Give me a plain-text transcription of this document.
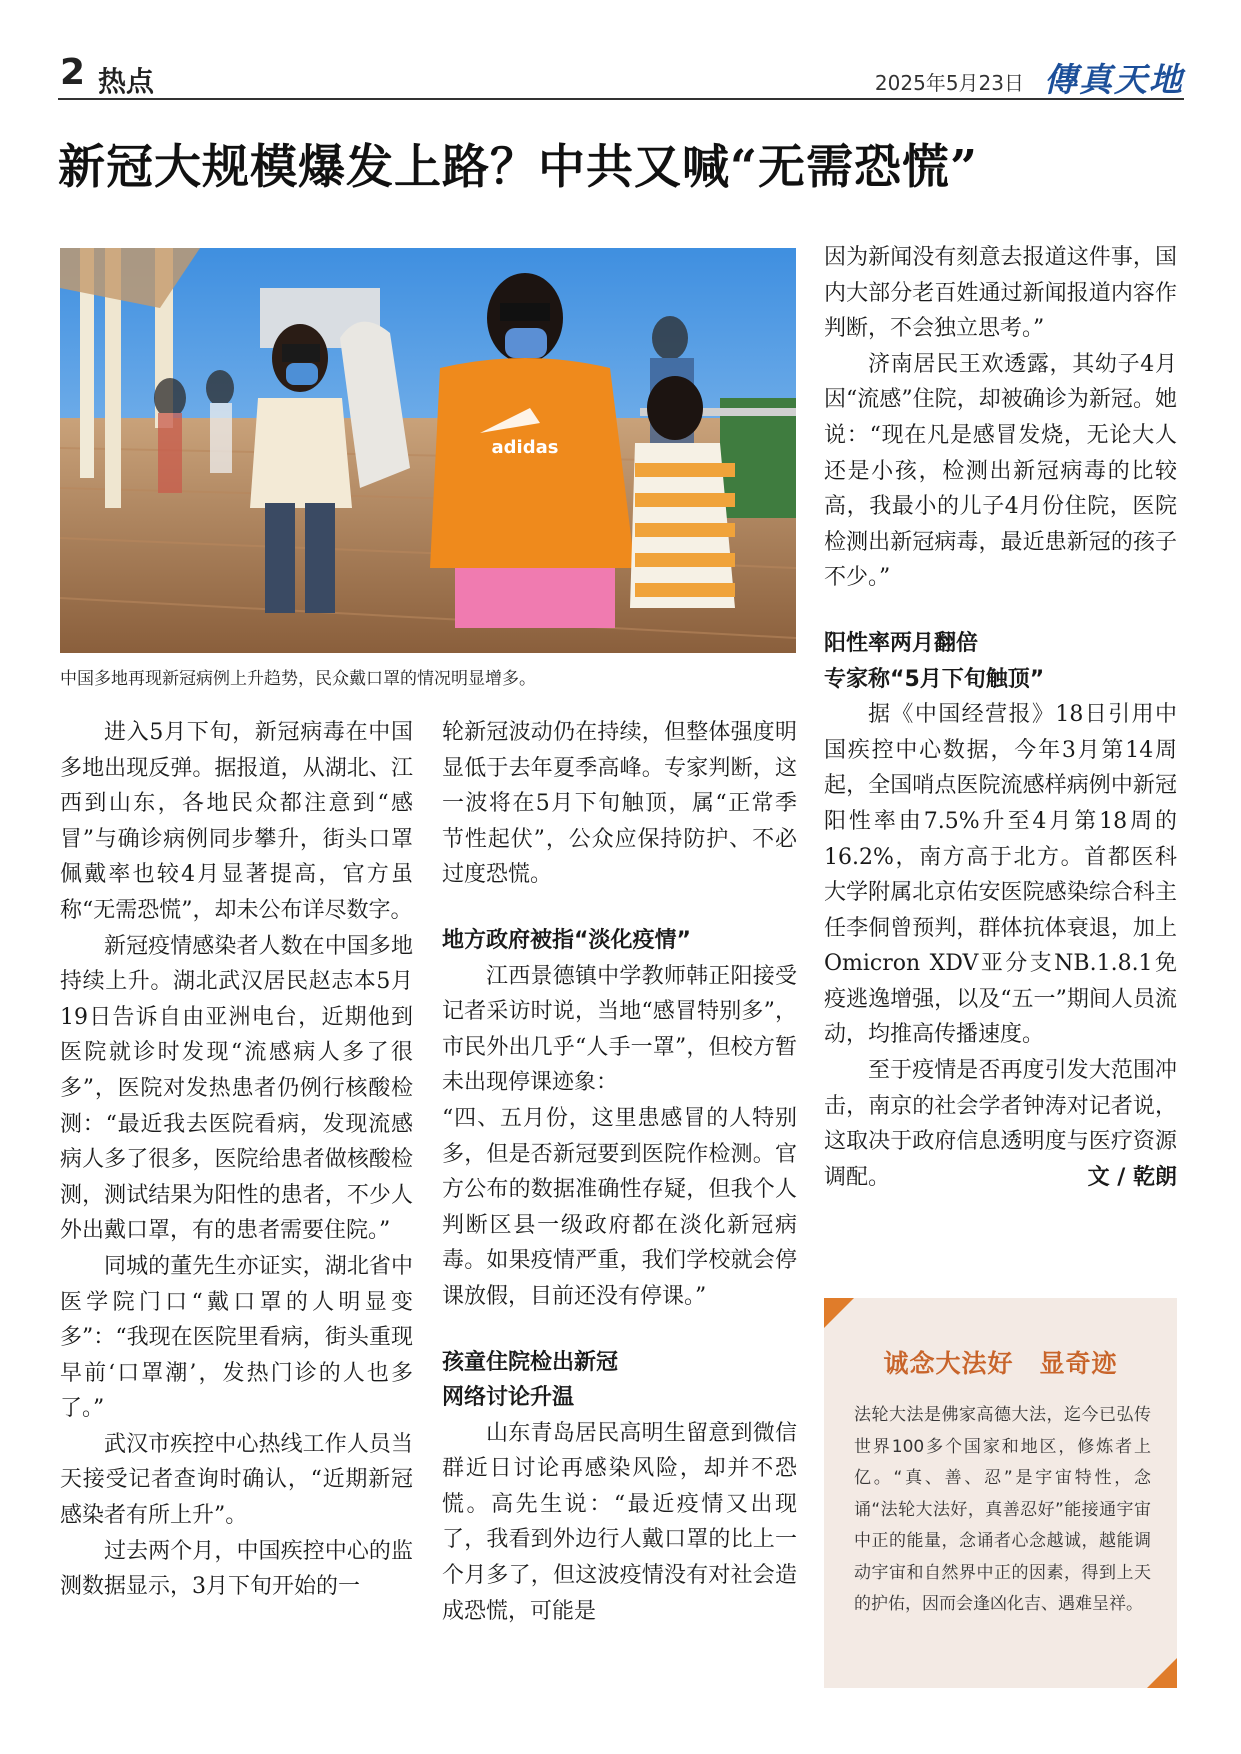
2 热点	2025年5月23日 傳真天地
新冠大规模爆发上路？中共又喊“无需恐慌”
adidas
中国多地再现新冠病例上升趋势，民众戴口罩的情况明显增多。

进入5月下旬，新冠病毒在中国多地出现反弹。据报道，从湖北、江西到山东，各地民众都注意到“感冒”与确诊病例同步攀升，街头口罩佩戴率也较4月显著提高，官方虽称“无需恐慌”，却未公布详尽数字。

新冠疫情感染者人数在中国多地持续上升。湖北武汉居民赵志本5月19日告诉自由亚洲电台，近期他到医院就诊时发现“流感病人多了很多”，医院对发热患者仍例行核酸检测：“最近我去医院看病，发现流感病人多了很多，医院给患者做核酸检测，测试结果为阳性的患者，不少人外出戴口罩，有的患者需要住院。”

同城的董先生亦证实，湖北省中医学院门口“戴口罩的人明显变多”：“我现在医院里看病，街头重现早前‘口罩潮’，发热门诊的人也多了。”

武汉市疾控中心热线工作人员当天接受记者查询时确认，“近期新冠感染者有所上升”。

过去两个月，中国疾控中心的监测数据显示，3月下旬开始的一

轮新冠波动仍在持续，但整体强度明显低于去年夏季高峰。专家判断，这一波将在5月下旬触顶，属“正常季节性起伏”，公众应保持防护、不必过度恐慌。

地方政府被指“淡化疫情”

江西景德镇中学教师韩正阳接受记者采访时说，当地“感冒特别多”，市民外出几乎“人手一罩”，但校方暂未出现停课迹象：

“四、五月份，这里患感冒的人特别多，但是否新冠要到医院作检测。官方公布的数据准确性存疑，但我个人判断区县一级政府都在淡化新冠病毒。如果疫情严重，我们学校就会停课放假，目前还没有停课。”

孩童住院检出新冠
网络讨论升温

山东青岛居民高明生留意到微信群近日讨论再感染风险，却并不恐慌。高先生说：“最近疫情又出现了，我看到外边行人戴口罩的比上一个月多了，但这波疫情没有对社会造成恐慌，可能是

因为新闻没有刻意去报道这件事，国内大部分老百姓通过新闻报道内容作判断，不会独立思考。”

济南居民王欢透露，其幼子4月因“流感”住院，却被确诊为新冠。她说：“现在凡是感冒发烧，无论大人还是小孩，检测出新冠病毒的比较高，我最小的儿子4月份住院，医院检测出新冠病毒，最近患新冠的孩子不少。”

阳性率两月翻倍
专家称“5月下旬触顶”

据《中国经营报》18日引用中国疾控中心数据，今年3月第14周起，全国哨点医院流感样病例中新冠阳性率由7.5%升至4月第18周的16.2%，南方高于北方。首都医科大学附属北京佑安医院感染综合科主任李侗曾预判，群体抗体衰退，加上Omicron XDV亚分支NB.1.8.1免疫逃逸增强，以及“五一”期间人员流动，均推高传播速度。

至于疫情是否再度引发大范围冲击，南京的社会学者钟涛对记者说，这取决于政府信息透明度与医疗资源调配。	文 / 乾朗

诚念大法好　显奇迹
法轮大法是佛家高德大法，迄今已弘传世界100多个国家和地区，修炼者上亿。“真、善、忍”是宇宙特性，念诵“法轮大法好，真善忍好”能接通宇宙中正的能量，念诵者心念越诚，越能调动宇宙和自然界中正的因素，得到上天的护佑，因而会逢凶化吉、遇难呈祥。
